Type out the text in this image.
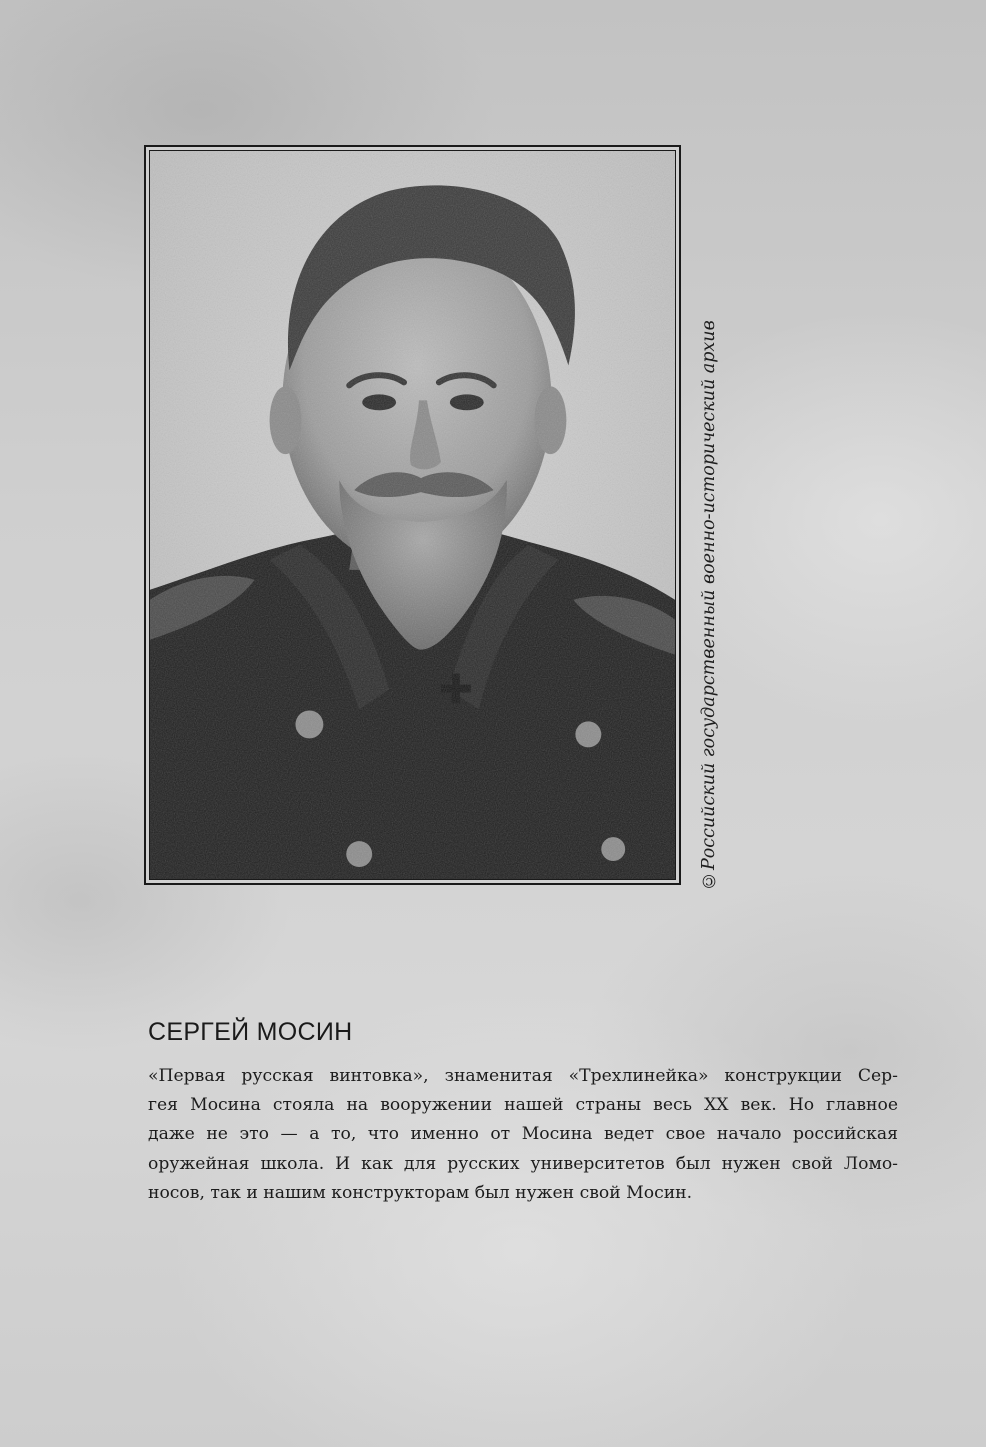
©Российский государственный военно-исторический архив
СЕРГЕЙ МОСИН

«Первая русская винтовка», знаменитая «Трехлинейка» конструкции Сер-
гея Мосина стояла на вооружении нашей страны весь XX век. Но главное
даже не это — а то, что именно от Мосина ведет свое начало российская
оружейная школа. И как для русских университетов был нужен свой Ломо-
носов, так и нашим конструкторам был нужен свой Мосин.
